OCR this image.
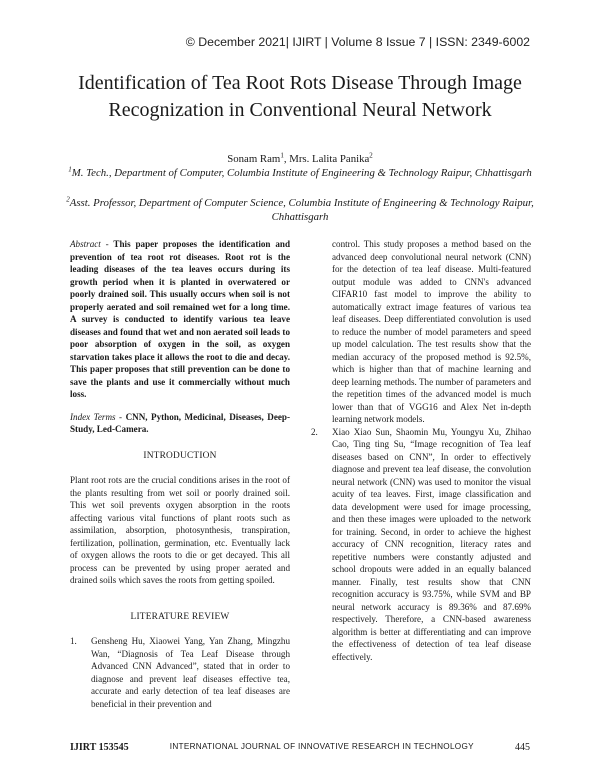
© December 2021| IJIRT | Volume 8 Issue 7 | ISSN: 2349-6002
Identification of Tea Root Rots Disease Through Image
Recognization in Conventional Neural Network
Sonam Ram$^1$, Mrs. Lalita Panika$^2$
$^1$M. Tech., Department of Computer, Columbia Institute of Engineering & Technology Raipur, Chhattisgarh
$^2$Asst. Professor, Department of Computer Science, Columbia Institute of Engineering & Technology Raipur, Chhattisgarh

Abstract - This paper proposes the identification and prevention of tea root rot diseases. Root rot is the leading diseases of the tea leaves occurs during its growth period when it is planted in overwatered or poorly drained soil. This usually occurs when soil is not properly aerated and soil remained wet for a long time. A survey is conducted to identify various tea leave diseases and found that wet and non aerated soil leads to poor absorption of oxygen in the soil, as oxygen starvation takes place it allows the root to die and decay. This paper proposes that still prevention can be done to save the plants and use it commercially without much loss.

Index Terms - CNN, Python, Medicinal, Diseases, Deep-Study, Led-Camera.

INTRODUCTION

Plant root rots are the crucial conditions arises in the root of the plants resulting from wet soil or poorly drained soil. This wet soil prevents oxygen absorption in the roots affecting various vital functions of plant roots such as assimilation, absorption, photosynthesis, transpiration, fertilization, pollination, germination, etc. Eventually lack of oxygen allows the roots to die or get decayed. This all process can be prevented by using proper aerated and drained soils which saves the roots from getting spoiled.

LITERATURE REVIEW
1.	Gensheng Hu, Xiaowei Yang, Yan Zhang, Mingzhu Wan, “Diagnosis of Tea Leaf Disease through Advanced CNN Advanced”, stated that in order to diagnose and prevent leaf diseases effective tea, accurate and early detection of tea leaf diseases are beneficial in their prevention and
control. This study proposes a method based on the advanced deep convolutional neural network (CNN) for the detection of tea leaf disease. Multi-featured output module was added to CNN's advanced CIFAR10 fast model to improve the ability to automatically extract image features of various tea leaf diseases. Deep differentiated convolution is used to reduce the number of model parameters and speed up model calculation. The test results show that the median accuracy of the proposed method is 92.5%, which is higher than that of machine learning and deep learning methods. The number of parameters and the repetition times of the advanced model is much lower than that of VGG16 and Alex Net in-depth learning network models.
2.	Xiao Xiao Sun, Shaomin Mu, Youngyu Xu, Zhihao Cao, Ting ting Su, “Image recognition of Tea leaf diseases based on CNN”, In order to effectively diagnose and prevent tea leaf disease, the convolution neural network (CNN) was used to monitor the visual acuity of tea leaves. First, image classification and data development were used for image processing, and then these images were uploaded to the network for training. Second, in order to achieve the highest accuracy of CNN recognition, literacy rates and repetitive numbers were constantly adjusted and school dropouts were added in an equally balanced manner. Finally, test results show that CNN recognition accuracy is 93.75%, while SVM and BP neural network accuracy is 89.36% and 87.69% respectively. Therefore, a CNN-based awareness algorithm is better at differentiating and can improve the effectiveness of detection of tea leaf disease effectively.
IJIRT 153545	INTERNATIONAL JOURNAL OF INNOVATIVE RESEARCH IN TECHNOLOGY	445
